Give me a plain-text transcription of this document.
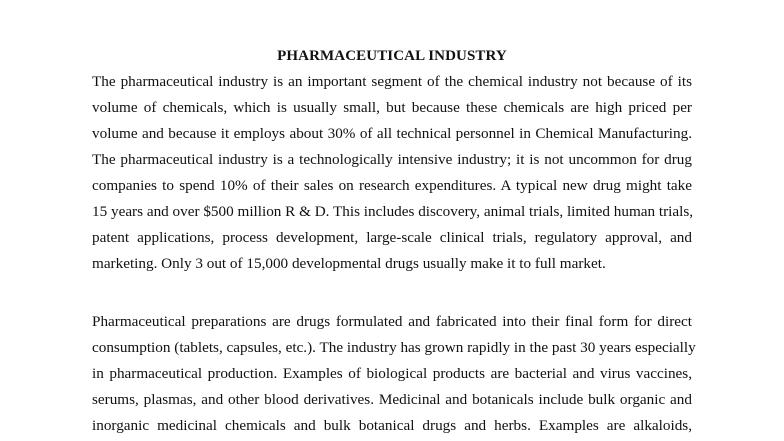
PHARMACEUTICAL INDUSTRY
The pharmaceutical industry is an important segment of the chemical industry not because of its
volume of chemicals, which is usually small, but because these chemicals are high priced per
volume and because it employs about 30% of all technical personnel in Chemical Manufacturing.
The pharmaceutical industry is a technologically intensive industry; it is not uncommon for drug
companies to spend 10% of their sales on research expenditures. A typical new drug might take
15 years and over $500 million R & D. This includes discovery, animal trials, limited human trials,
patent applications, process development, large-scale clinical trials, regulatory approval, and
marketing. Only 3 out of 15,000 developmental drugs usually make it to full market.
Pharmaceutical preparations are drugs formulated and fabricated into their final form for direct
consumption (tablets, capsules, etc.). The industry has grown rapidly in the past 30 years especially
in pharmaceutical production. Examples of biological products are bacterial and virus vaccines,
serums, plasmas, and other blood derivatives. Medicinal and botanicals include bulk organic and
inorganic medicinal chemicals and bulk botanical drugs and herbs. Examples are alkaloids,
